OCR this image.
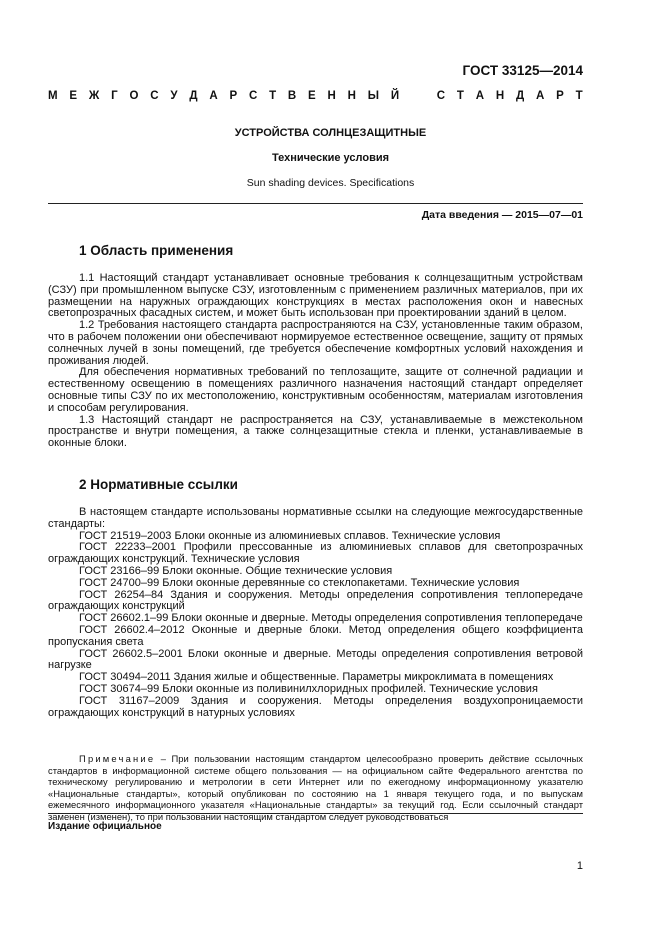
ГОСТ 33125—2014
М Е Ж Г О С У Д А Р С Т В Е Н Н Ы Й	С Т А Н Д А Р Т
УСТРОЙСТВА СОЛНЦЕЗАЩИТНЫЕ
Технические условия
Sun shading devices. Specifications
Дата введения — 2015—07—01
1 Область применения

1.1 Настоящий стандарт устанавливает основные требования к солнцезащитным устройствам (СЗУ) при промышленном выпуске СЗУ, изготовленным с применением различных материалов, при их размещении на наружных ограждающих конструкциях в местах расположения окон и навесных светопрозрачных фасадных систем, и может быть использован при проектировании зданий в целом.

1.2 Требования настоящего стандарта распространяются на СЗУ, установленные таким образом, что в рабочем положении они обеспечивают нормируемое естественное освещение, защиту от прямых солнечных лучей в зоны помещений, где требуется обеспечение комфортных условий нахождения и проживания людей.

Для обеспечения нормативных требований по теплозащите, защите от солнечной радиации и естественному освещению в помещениях различного назначения настоящий стандарт определяет основные типы СЗУ по их местоположению, конструктивным особенностям, материалам изготовления и способам регулирования.

1.3 Настоящий стандарт не распространяется на СЗУ, устанавливаемые в межстекольном пространстве и внутри помещения, а также солнцезащитные стекла и пленки, устанавливаемые в оконные блоки.

2 Нормативные ссылки

В настоящем стандарте использованы нормативные ссылки на следующие межгосударственные стандарты:

ГОСТ 21519–2003 Блоки оконные из алюминиевых сплавов. Технические условия

ГОСТ 22233–2001 Профили прессованные из алюминиевых сплавов для светопрозрачных ограждающих конструкций. Технические условия

ГОСТ 23166–99 Блоки оконные. Общие технические условия

ГОСТ 24700–99 Блоки оконные деревянные со стеклопакетами. Технические условия

ГОСТ 26254–84 Здания и сооружения. Методы определения сопротивления теплопередаче ограждающих конструкций

ГОСТ 26602.1–99 Блоки оконные и дверные. Методы определения сопротивления теплопередаче

ГОСТ 26602.4–2012 Оконные и дверные блоки. Метод определения общего коэффициента пропускания света

ГОСТ 26602.5–2001 Блоки оконные и дверные. Методы определения сопротивления ветровой нагрузке

ГОСТ 30494–2011 Здания жилые и общественные. Параметры микроклимата в помещениях

ГОСТ 30674–99 Блоки оконные из поливинилхлоридных профилей. Технические условия

ГОСТ 31167–2009 Здания и сооружения. Методы определения воздухопроницаемости ограждающих конструкций в натурных условиях

Примечание – При пользовании настоящим стандартом целесообразно проверить действие ссылочных стандартов в информационной системе общего пользования — на официальном сайте Федерального агентства по техническому регулированию и метрологии в сети Интернет или по ежегодному информационному указателю «Национальные стандарты», который опубликован по состоянию на 1 января текущего года, и по выпускам ежемесячного информационного указателя «Национальные стандарты» за текущий год. Если ссылочный стандарт заменен (изменен), то при пользовании настоящим стандартом следует руководствоваться

Издание официальное
1
